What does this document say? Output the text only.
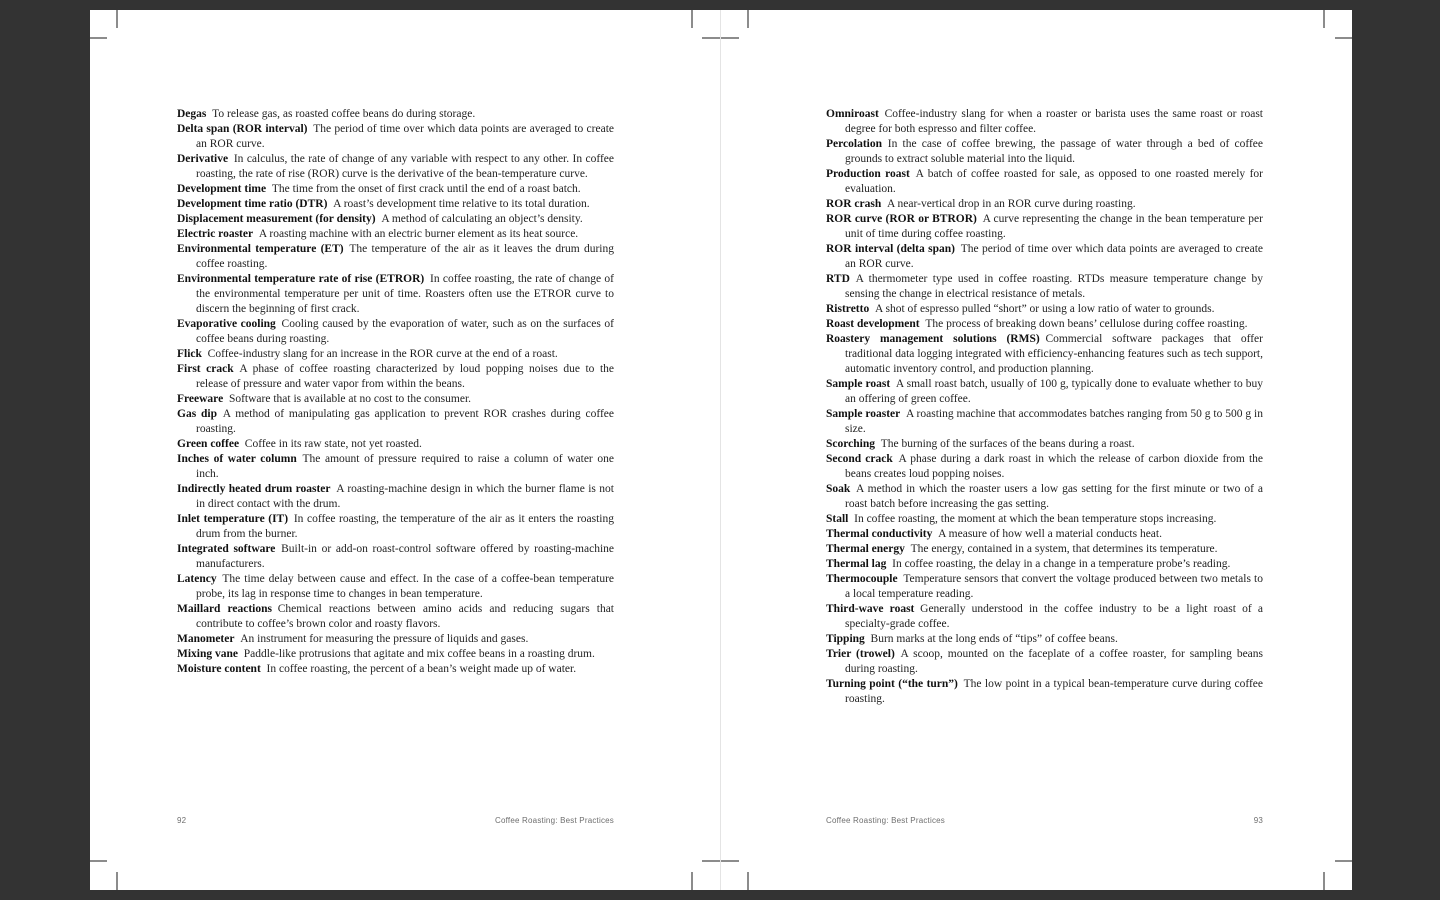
Degas  To release gas, as roasted coffee beans do during storage.

Delta span (ROR interval)  The period of time over which data points are averaged to create an ROR curve.

Derivative  In calculus, the rate of change of any variable with respect to any other. In coffee roasting, the rate of rise (ROR) curve is the derivative of the bean-temperature curve.

Development time  The time from the onset of first crack until the end of a roast batch.

Development time ratio (DTR)  A roast’s development time relative to its total duration.

Displacement measurement (for density)  A method of calculating an object’s density.

Electric roaster  A roasting machine with an electric burner element as its heat source.

Environmental temperature (ET)  The temperature of the air as it leaves the drum during coffee roasting.

Environmental temperature rate of rise (ETROR)  In coffee roasting, the rate of change of the environmental temperature per unit of time. Roasters often use the ETROR curve to discern the beginning of first crack.

Evaporative cooling  Cooling caused by the evaporation of water, such as on the surfaces of coffee beans during roasting.

Flick  Coffee-industry slang for an increase in the ROR curve at the end of a roast.

First crack  A phase of coffee roasting characterized by loud popping noises due to the release of pressure and water vapor from within the beans.

Freeware  Software that is available at no cost to the consumer.

Gas dip  A method of manipulating gas application to prevent ROR crashes during coffee roasting.

Green coffee  Coffee in its raw state, not yet roasted.

Inches of water column  The amount of pressure required to raise a column of water one inch.

Indirectly heated drum roaster  A roasting-machine design in which the burner flame is not in direct contact with the drum.

Inlet temperature (IT)  In coffee roasting, the temperature of the air as it enters the roasting drum from the burner.

Integrated software  Built-in or add-on roast-control software offered by roasting-machine manufacturers.

Latency  The time delay between cause and effect. In the case of a coffee-bean temperature probe, its lag in response time to changes in bean temperature.

Maillard reactions  Chemical reactions between amino acids and reducing sugars that contribute to coffee’s brown color and roasty flavors.

Manometer  An instrument for measuring the pressure of liquids and gases.

Mixing vane  Paddle-like protrusions that agitate and mix coffee beans in a roasting drum.

Moisture content  In coffee roasting, the percent of a bean’s weight made up of water.

92	Coffee Roasting: Best Practices

Omniroast  Coffee-industry slang for when a roaster or barista uses the same roast or roast degree for both espresso and filter coffee.

Percolation  In the case of coffee brewing, the passage of water through a bed of coffee grounds to extract soluble material into the liquid.

Production roast  A batch of coffee roasted for sale, as opposed to one roasted merely for evaluation.

ROR crash  A near-vertical drop in an ROR curve during roasting.

ROR curve (ROR or BTROR)  A curve representing the change in the bean temperature per unit of time during coffee roasting.

ROR interval (delta span)  The period of time over which data points are averaged to create an ROR curve.

RTD  A thermometer type used in coffee roasting. RTDs measure temperature change by sensing the change in electrical resistance of metals.

Ristretto  A shot of espresso pulled “short” or using a low ratio of water to grounds.

Roast development  The process of breaking down beans’ cellulose during coffee roasting.

Roastery management solutions (RMS)  Commercial software packages that offer traditional data logging integrated with efficiency-enhancing features such as tech support, automatic inventory control, and production planning.

Sample roast  A small roast batch, usually of 100 g, typically done to evaluate whether to buy an offering of green coffee.

Sample roaster  A roasting machine that accommodates batches ranging from 50 g to 500 g in size.

Scorching  The burning of the surfaces of the beans during a roast.

Second crack  A phase during a dark roast in which the release of carbon dioxide from the beans creates loud popping noises.

Soak  A method in which the roaster users a low gas setting for the first minute or two of a roast batch before increasing the gas setting.

Stall  In coffee roasting, the moment at which the bean temperature stops increasing.

Thermal conductivity  A measure of how well a material conducts heat.

Thermal energy  The energy, contained in a system, that determines its temperature.

Thermal lag  In coffee roasting, the delay in a change in a temperature probe’s reading.

Thermocouple  Temperature sensors that convert the voltage produced between two metals to a local temperature reading.

Third-wave roast  Generally understood in the coffee industry to be a light roast of a specialty-grade coffee.

Tipping  Burn marks at the long ends of “tips” of coffee beans.

Trier (trowel)  A scoop, mounted on the faceplate of a coffee roaster, for sampling beans during roasting.

Turning point (“the turn”)  The low point in a typical bean-temperature curve during coffee roasting.

Coffee Roasting: Best Practices	93
